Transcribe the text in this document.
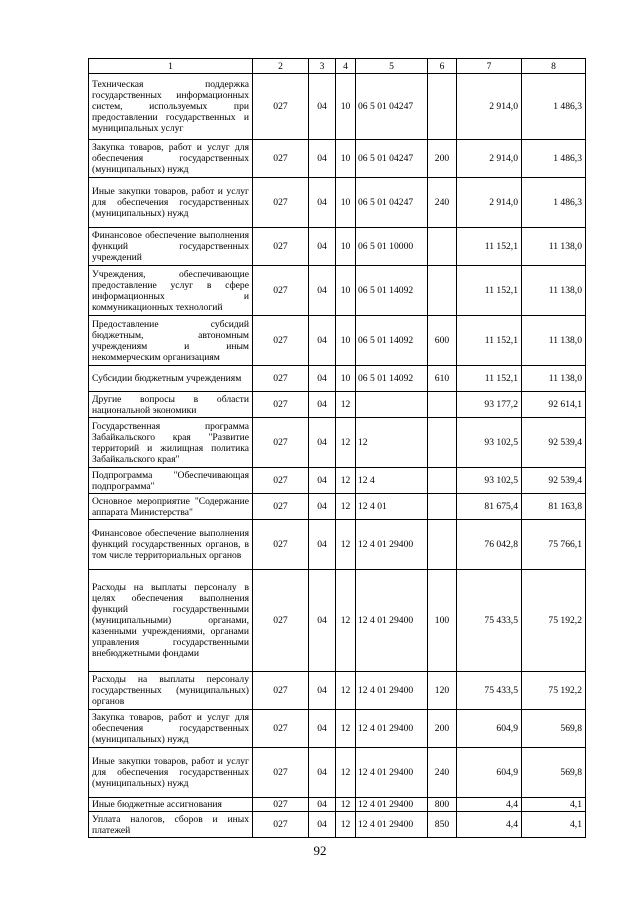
1	2	3	4	5	6	7	8
Техническая поддержка государственных информационных систем, используемых при предоставлении государственных и муниципальных услуг	027	04	10	06 5 01 04247		2 914,0	1 486,3
Закупка товаров, работ и услуг для обеспечения государственных (муниципальных) нужд	027	04	10	06 5 01 04247	200	2 914,0	1 486,3
Иные закупки товаров, работ и услуг для обеспечения государственных (муниципальных) нужд	027	04	10	06 5 01 04247	240	2 914,0	1 486,3
Финансовое обеспечение выполнения функций государственных учреждений	027	04	10	06 5 01 10000		11 152,1	11 138,0
Учреждения, обеспечивающие предоставление услуг в сфере информационных и коммуникационных технологий	027	04	10	06 5 01 14092		11 152,1	11 138,0
Предоставление субсидий бюджетным, автономным учреждениям и иным некоммерческим организациям	027	04	10	06 5 01 14092	600	11 152,1	11 138,0
Субсидии бюджетным учреждениям	027	04	10	06 5 01 14092	610	11 152,1	11 138,0
Другие вопросы в области национальной экономики	027	04	12			93 177,2	92 614,1
Государственная программа Забайкальского края "Развитие территорий и жилищная политика Забайкальского края"	027	04	12	12		93 102,5	92 539,4
Подпрограмма "Обеспечивающая подпрограмма"	027	04	12	12 4		93 102,5	92 539,4
Основное мероприятие "Содержание аппарата Министерства"	027	04	12	12 4 01		81 675,4	81 163,8
Финансовое обеспечение выполнения функций государственных органов, в том числе территориальных органов	027	04	12	12 4 01 29400		76 042,8	75 766,1
Расходы на выплаты персоналу в целях обеспечения выполнения функций государственными (муниципальными) органами, казенными учреждениями, органами управления государственными внебюджетными фондами	027	04	12	12 4 01 29400	100	75 433,5	75 192,2
Расходы на выплаты персоналу государственных (муниципальных) органов	027	04	12	12 4 01 29400	120	75 433,5	75 192,2
Закупка товаров, работ и услуг для обеспечения государственных (муниципальных) нужд	027	04	12	12 4 01 29400	200	604,9	569,8
Иные закупки товаров, работ и услуг для обеспечения государственных (муниципальных) нужд	027	04	12	12 4 01 29400	240	604,9	569,8
Иные бюджетные ассигнования	027	04	12	12 4 01 29400	800	4,4	4,1
Уплата налогов, сборов и иных платежей	027	04	12	12 4 01 29400	850	4,4	4,1
92
